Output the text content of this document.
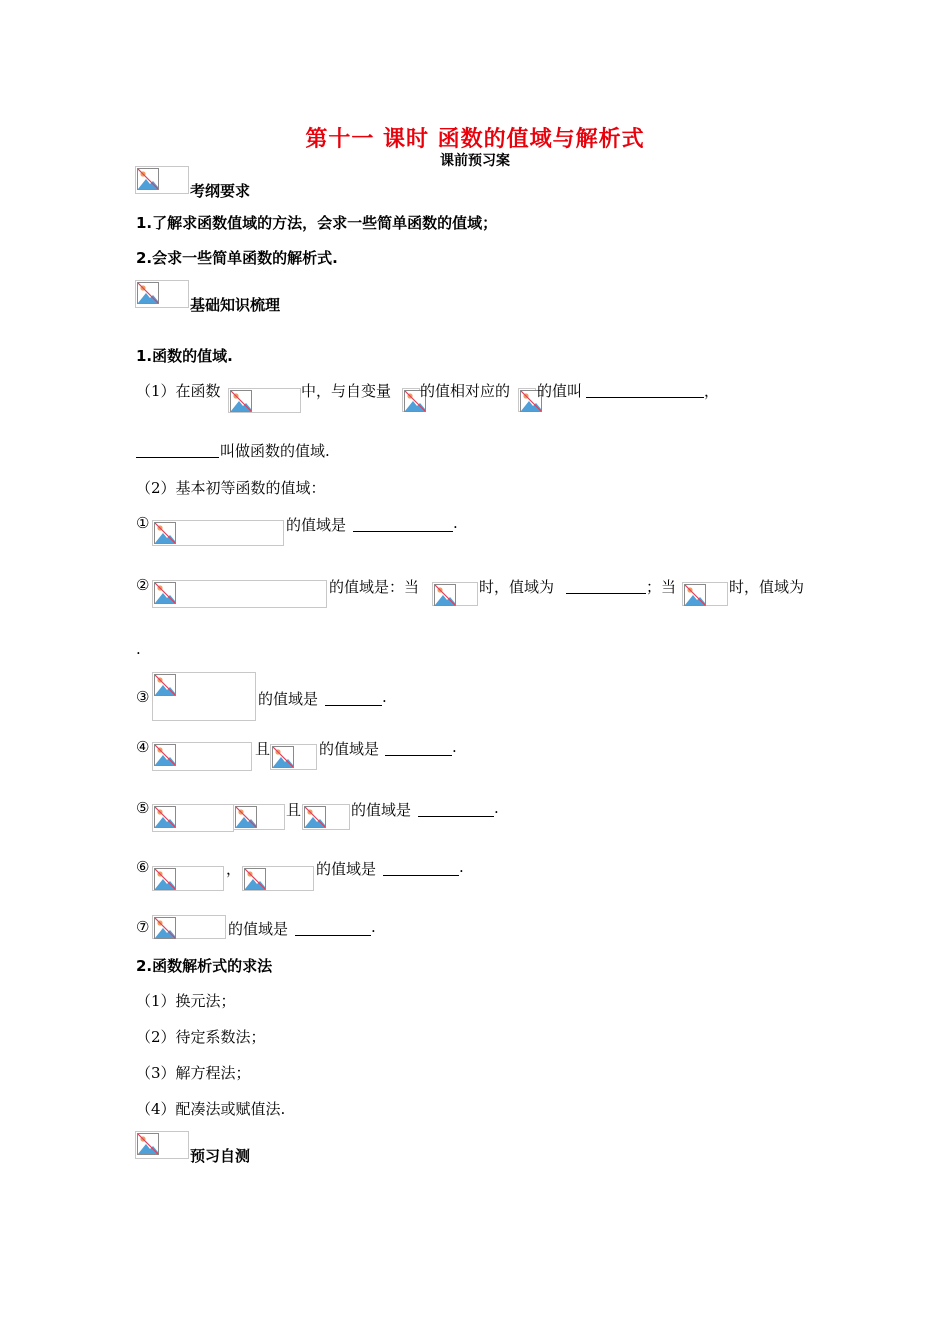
第十一 课时 函数的值域与解析式
课前预习案
考纲要求
1.了解求函数值域的方法，会求一些简单函数的值域；
2.会求一些简单函数的解析式.
基础知识梳理
1.函数的值域.
（1）在函数	中，与自变量 的值相对应的 的值叫	，
叫做函数的值域.
（2）基本初等函数的值域：
①	的值域是	.
②	的值域是：当	时，值域为	；当	时，值域为
.
③	的值域是	.
④	且	的值域是	.
⑤	且	的值域是	.
⑥	，	的值域是	.
⑦	的值域是	.
2.函数解析式的求法
（1）换元法；
（2）待定系数法；
（3）解方程法；
（4）配凑法或赋值法.
预习自测
